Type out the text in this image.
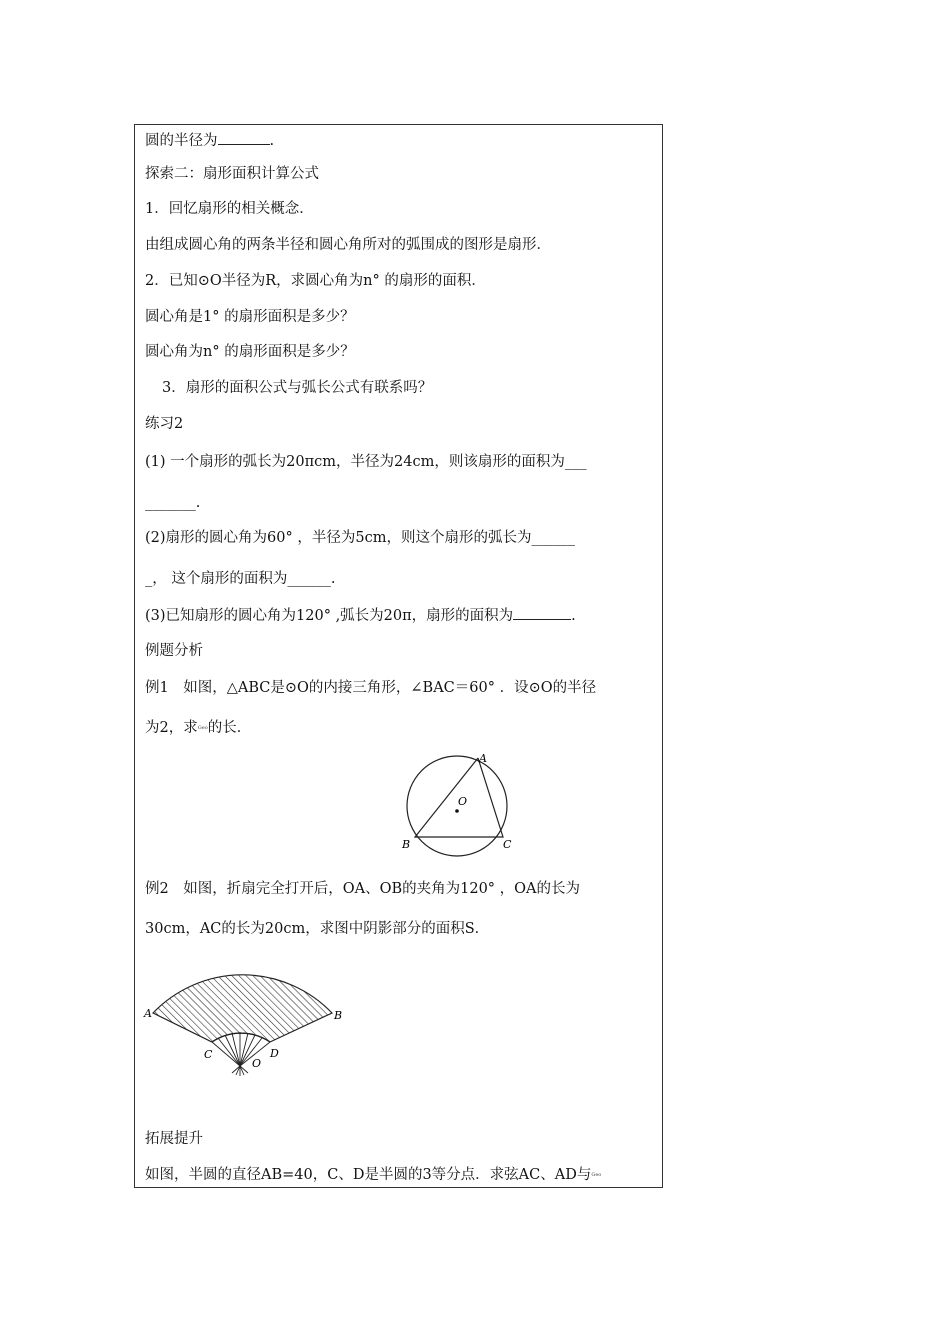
圆的半径为	.
探索二：扇形面积计算公式
1．回忆扇形的相关概念．
由组成圆心角的两条半径和圆心角所对的弧围成的图形是扇形．
2．已知⊙O半径为R，求圆心角为n° 的扇形的面积．
圆心角是1° 的扇形面积是多少？
圆心角为n° 的扇形面积是多少？
3．扇形的面积公式与弧长公式有联系吗？
练习2
(1) 一个扇形的弧长为20πcm，半径为24cm，则该扇形的面积为___
_______.
(2)扇形的圆心角为60° ，半径为5cm，则这个扇形的弧长为______
_， 这个扇形的面积为______.
(3)已知扇形的圆心角为120° ,弧长为20π，扇形的面积为	.
例题分析
例1　如图，△ABC是⊙O的内接三角形，∠BAC＝60° ．设⊙O的半径
为2，求Geo的长．
A
B	C
O
例2　如图，折扇完全打开后，OA、OB的夹角为120° ，OA的长为
30cm，AC的长为20cm，求图中阴影部分的面积S．
A	B
C	D
O
拓展提升
如图，半圆的直径AB=40，C、D是半圆的3等分点．求弦AC、AD与Geo
